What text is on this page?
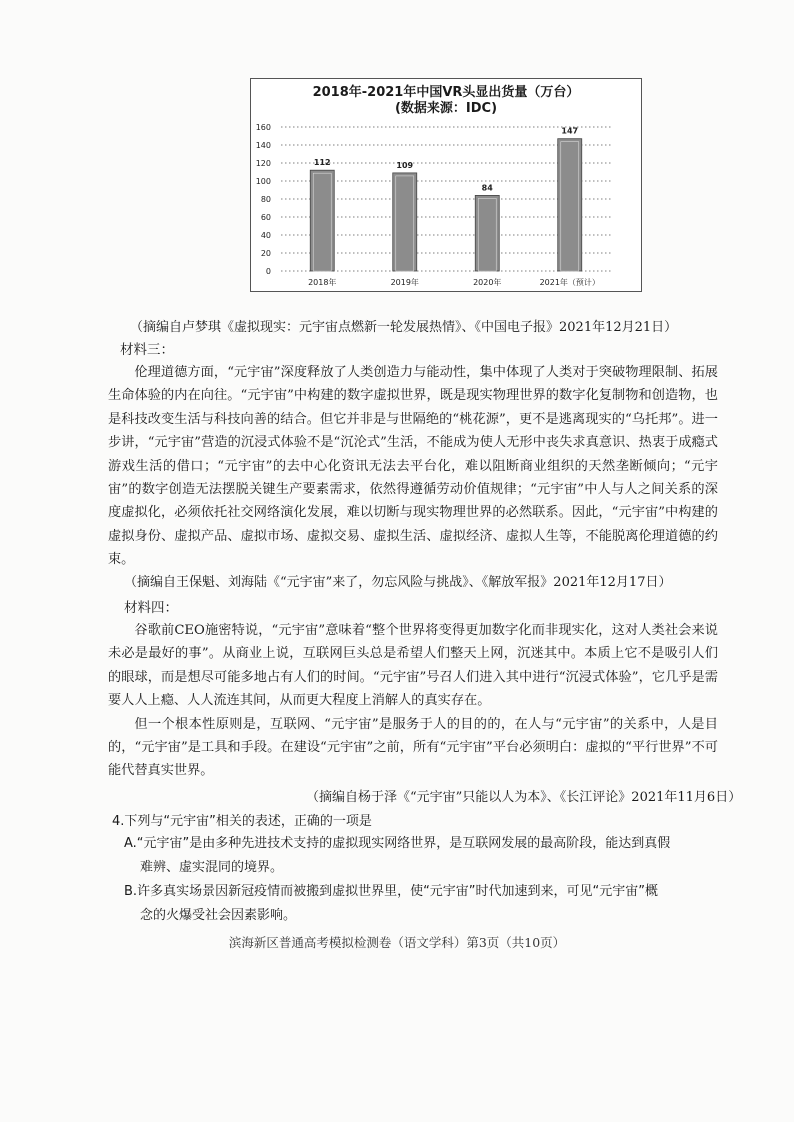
2018年-2021年中国VR头显出货量（万台）
(数据来源：IDC)
0
20
40
60
80
100
120
140
160
112
2018年
109
2019年
84
2020年
147
2021年（预计）
（摘编自卢梦琪《虚拟现实：元宇宙点燃新一轮发展热情》、《中国电子报》2021年12月21日）
材料三：

伦理道德方面，“元宇宙”深度释放了人类创造力与能动性，集中体现了人类对于突破物理限制、拓展生命体验的内在向往。“元宇宙”中构建的数字虚拟世界，既是现实物理世界的数字化复制物和创造物，也是科技改变生活与科技向善的结合。但它并非是与世隔绝的“桃花源”，更不是逃离现实的“乌托邦”。进一步讲，“元宇宙”营造的沉浸式体验不是“沉沦式”生活，不能成为使人无形中丧失求真意识、热衷于成瘾式游戏生活的借口；“元宇宙”的去中心化资讯无法去平台化，难以阻断商业组织的天然垄断倾向；“元宇宙”的数字创造无法摆脱关键生产要素需求，依然得遵循劳动价值规律；“元宇宙”中人与人之间关系的深度虚拟化，必须依托社交网络演化发展，难以切断与现实物理世界的必然联系。因此，“元宇宙”中构建的虚拟身份、虚拟产品、虚拟市场、虚拟交易、虚拟生活、虚拟经济、虚拟人生等，不能脱离伦理道德的约束。

（摘编自王保魁、刘海陆《“元宇宙”来了，勿忘风险与挑战》、《解放军报》2021年12月17日）
材料四：

谷歌前CEO施密特说，“元宇宙”意味着“整个世界将变得更加数字化而非现实化，这对人类社会来说未必是最好的事”。从商业上说，互联网巨头总是希望人们整天上网，沉迷其中。本质上它不是吸引人们的眼球，而是想尽可能多地占有人们的时间。“元宇宙”号召人们进入其中进行“沉浸式体验”，它几乎是需要人人上瘾、人人流连其间，从而更大程度上消解人的真实存在。

但一个根本性原则是，互联网、“元宇宙”是服务于人的目的的，在人与“元宇宙”的关系中，人是目的，“元宇宙”是工具和手段。在建设“元宇宙”之前，所有“元宇宙”平台必须明白：虚拟的“平行世界”不可能代替真实世界。

（摘编自杨于泽《“元宇宙”只能以人为本》、《长江评论》2021年11月6日）
4.下列与“元宇宙”相关的表述，正确的一项是
A.“元宇宙”是由多种先进技术支持的虚拟现实网络世界，是互联网发展的最高阶段，能达到真假
难辨、虚实混同的境界。
B.许多真实场景因新冠疫情而被搬到虚拟世界里，使“元宇宙”时代加速到来，可见“元宇宙”概
念的火爆受社会因素影响。
滨海新区普通高考模拟检测卷（语文学科）第3页（共10页）
